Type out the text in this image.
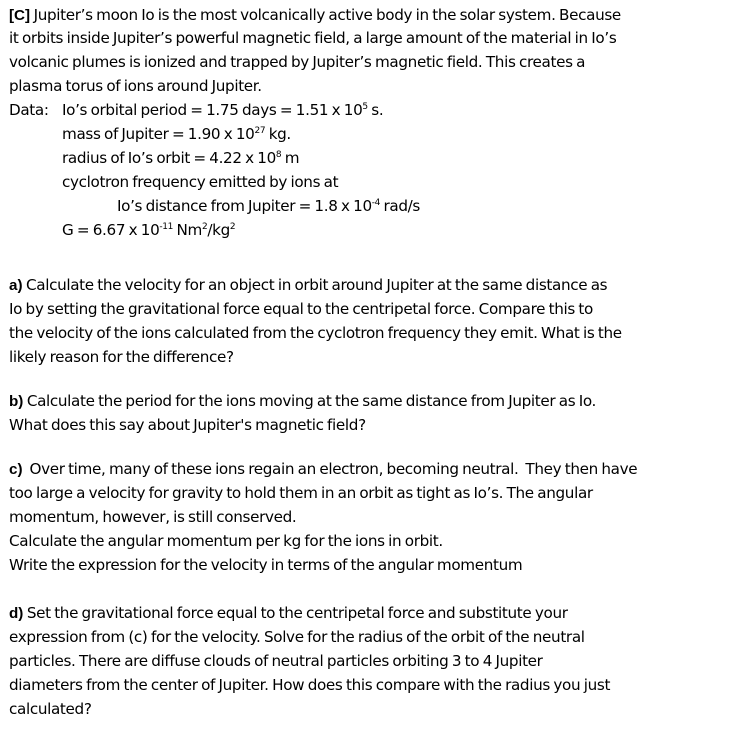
[C] Jupiter’s moon Io is the most volcanically active body in the solar system. Because
it orbits inside Jupiter’s powerful magnetic field, a large amount of the material in Io’s
volcanic plumes is ionized and trapped by Jupiter’s magnetic field. This creates a
plasma torus of ions around Jupiter.
Data: Io’s orbital period = 1.75 days = 1.51 x $10^5$ s.
mass of Jupiter = 1.90 x $10^{27}$ kg.
radius of Io’s orbit = 4.22 x $10^8$ m
cyclotron frequency emitted by ions at
Io’s distance from Jupiter = 1.8 x $10^{-4}$ rad/s
G = 6.67 x $10^{-11}$ $Nm^2/kg^2$
a) Calculate the velocity for an object in orbit around Jupiter at the same distance as
Io by setting the gravitational force equal to the centripetal force. Compare this to
the velocity of the ions calculated from the cyclotron frequency they emit. What is the
likely reason for the difference?
b) Calculate the period for the ions moving at the same distance from Jupiter as Io.
What does this say about Jupiter's magnetic field?
c)  Over time, many of these ions regain an electron, becoming neutral.  They then have
too large a velocity for gravity to hold them in an orbit as tight as Io’s. The angular
momentum, however, is still conserved.
Calculate the angular momentum per kg for the ions in orbit.
Write the expression for the velocity in terms of the angular momentum
d) Set the gravitational force equal to the centripetal force and substitute your
expression from (c) for the velocity. Solve for the radius of the orbit of the neutral
particles. There are diffuse clouds of neutral particles orbiting 3 to 4 Jupiter
diameters from the center of Jupiter. How does this compare with the radius you just
calculated?
